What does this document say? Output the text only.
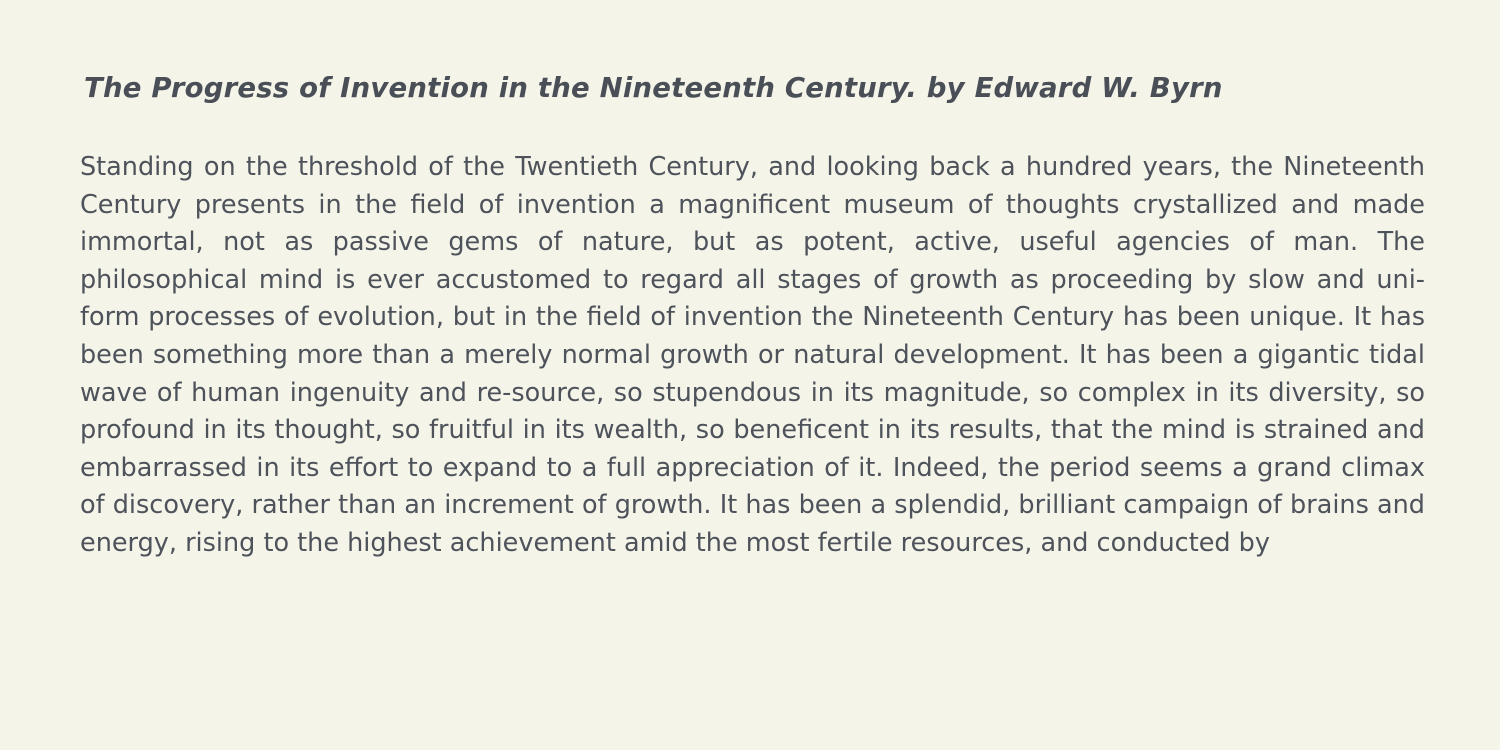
The Progress of Invention in the Nineteenth Century. by Edward W. Byrn

Standing on the threshold of the Twentieth Century, and looking back a hundred years, the Nineteenth Century presents in the field of invention a magnificent museum of thoughts crystallized and made immortal, not as passive gems of nature, but as potent, active, useful agencies of man. The philosophical mind is ever accustomed to regard all stages of growth as proceeding by slow and uni-form processes of evolution, but in the field of invention the Nineteenth Century has been unique. It has been something more than a merely normal growth or natural development. It has been a gigantic tidal wave of human ingenuity and re-source, so stupendous in its magnitude, so complex in its diversity, so profound in its thought, so fruitful in its wealth, so beneficent in its results, that the mind is strained and embarrassed in its effort to expand to a full appreciation of it. Indeed, the period seems a grand climax of discovery, rather than an increment of growth. It has been a splendid, brilliant campaign of brains and energy, rising to the highest achievement amid the most fertile resources, and conducted by
